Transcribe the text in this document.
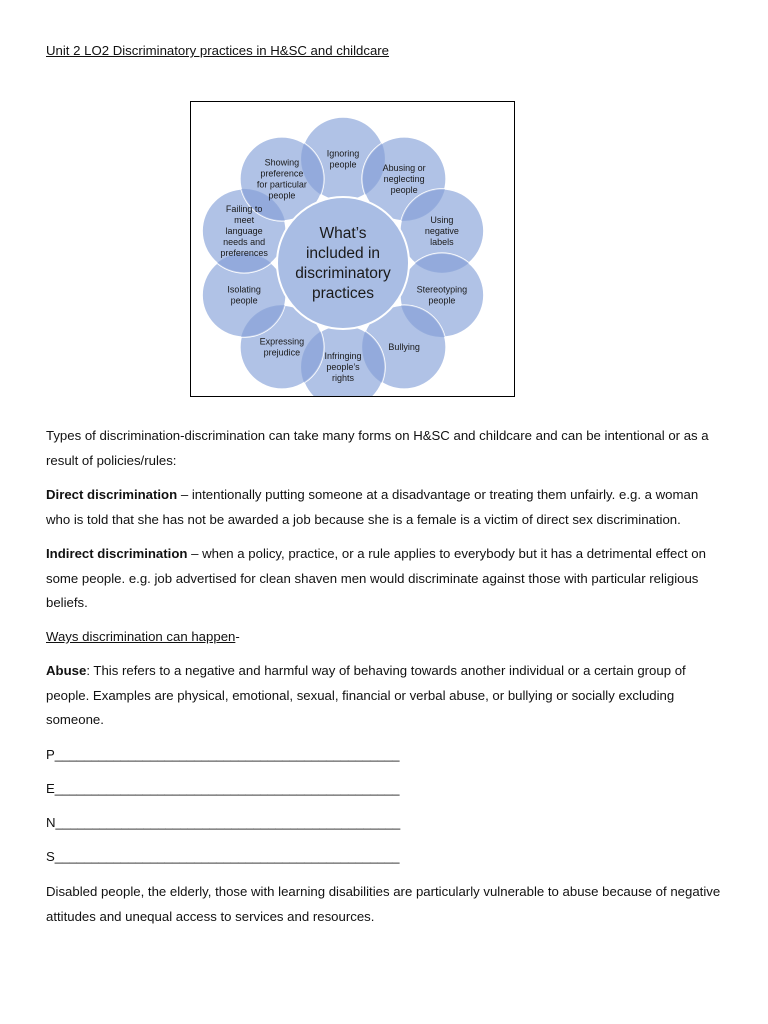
Unit 2 LO2 Discriminatory practices in H&SC and childcare
Ignoring people	Abusing or neglecting people
Using negative labels
Stereotyping people
Bullying
Infringing people’s rights
Expressing prejudice
Isolating people
Failing to meet language needs and preferences
Showing preference for particular people
What’s included in discriminatory practices

Types of discrimination-discrimination can take many forms on H&SC and childcare and can be intentional or as a result of policies/rules:

Direct discrimination – intentionally putting someone at a disadvantage or treating them unfairly. e.g. a woman who is told that she has not be awarded a job because she is a female is a victim of direct sex discrimination.

Indirect discrimination – when a policy, practice, or a rule applies to everybody but it has a detrimental effect on some people. e.g. job advertised for clean shaven men would discriminate against those with particular religious beliefs.

Ways discrimination can happen-

Abuse: This refers to a negative and harmful way of behaving towards another individual or a certain group of people. Examples are physical, emotional, sexual, financial or verbal abuse, or bullying or socially excluding someone.

P_______________________________________________
E_______________________________________________
N_______________________________________________
S_______________________________________________

Disabled people, the elderly, those with learning disabilities are particularly vulnerable to abuse because of negative attitudes and unequal access to services and resources.
